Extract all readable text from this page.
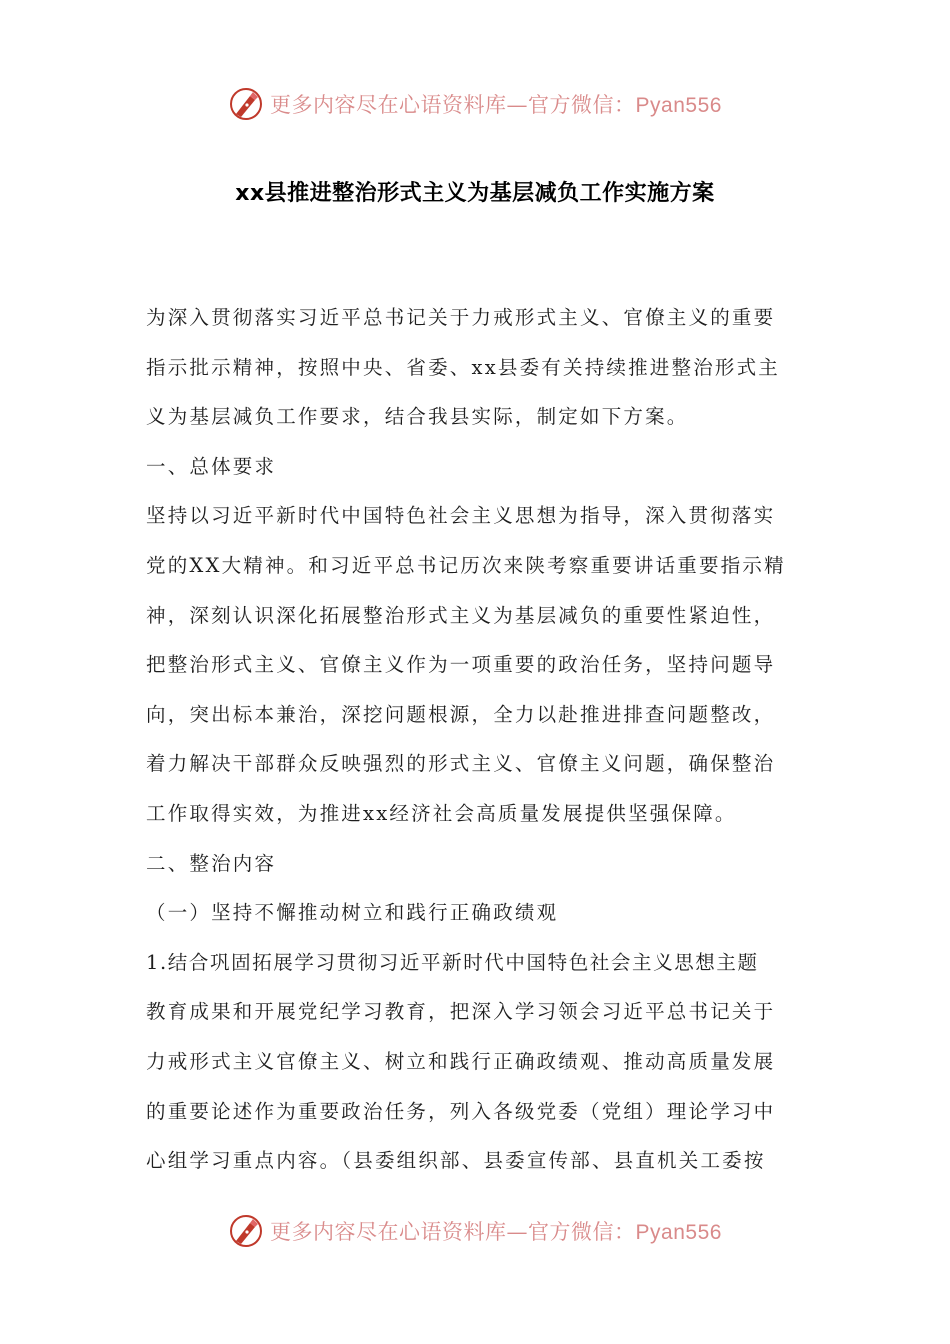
更多内容尽在心语资料库—官方微信：Pyan556
xx县推进整治形式主义为基层减负工作实施方案
为深入贯彻落实习近平总书记关于力戒形式主义、官僚主义的重要
指示批示精神，按照中央、省委、xx县委有关持续推进整治形式主
义为基层减负工作要求，结合我县实际，制定如下方案。
一、总体要求
坚持以习近平新时代中国特色社会主义思想为指导，深入贯彻落实
党的XX大精神。和习近平总书记历次来陕考察重要讲话重要指示精
神，深刻认识深化拓展整治形式主义为基层减负的重要性紧迫性，
把整治形式主义、官僚主义作为一项重要的政治任务，坚持问题导
向，突出标本兼治，深挖问题根源，全力以赴推进排查问题整改，
着力解决干部群众反映强烈的形式主义、官僚主义问题，确保整治
工作取得实效，为推进xx经济社会高质量发展提供坚强保障。
二、整治内容
（一）坚持不懈推动树立和践行正确政绩观
1.结合巩固拓展学习贯彻习近平新时代中国特色社会主义思想主题
教育成果和开展党纪学习教育，把深入学习领会习近平总书记关于
力戒形式主义官僚主义、树立和践行正确政绩观、推动高质量发展
的重要论述作为重要政治任务，列入各级党委（党组）理论学习中
心组学习重点内容。（县委组织部、县委宣传部、县直机关工委按
更多内容尽在心语资料库—官方微信：Pyan556
